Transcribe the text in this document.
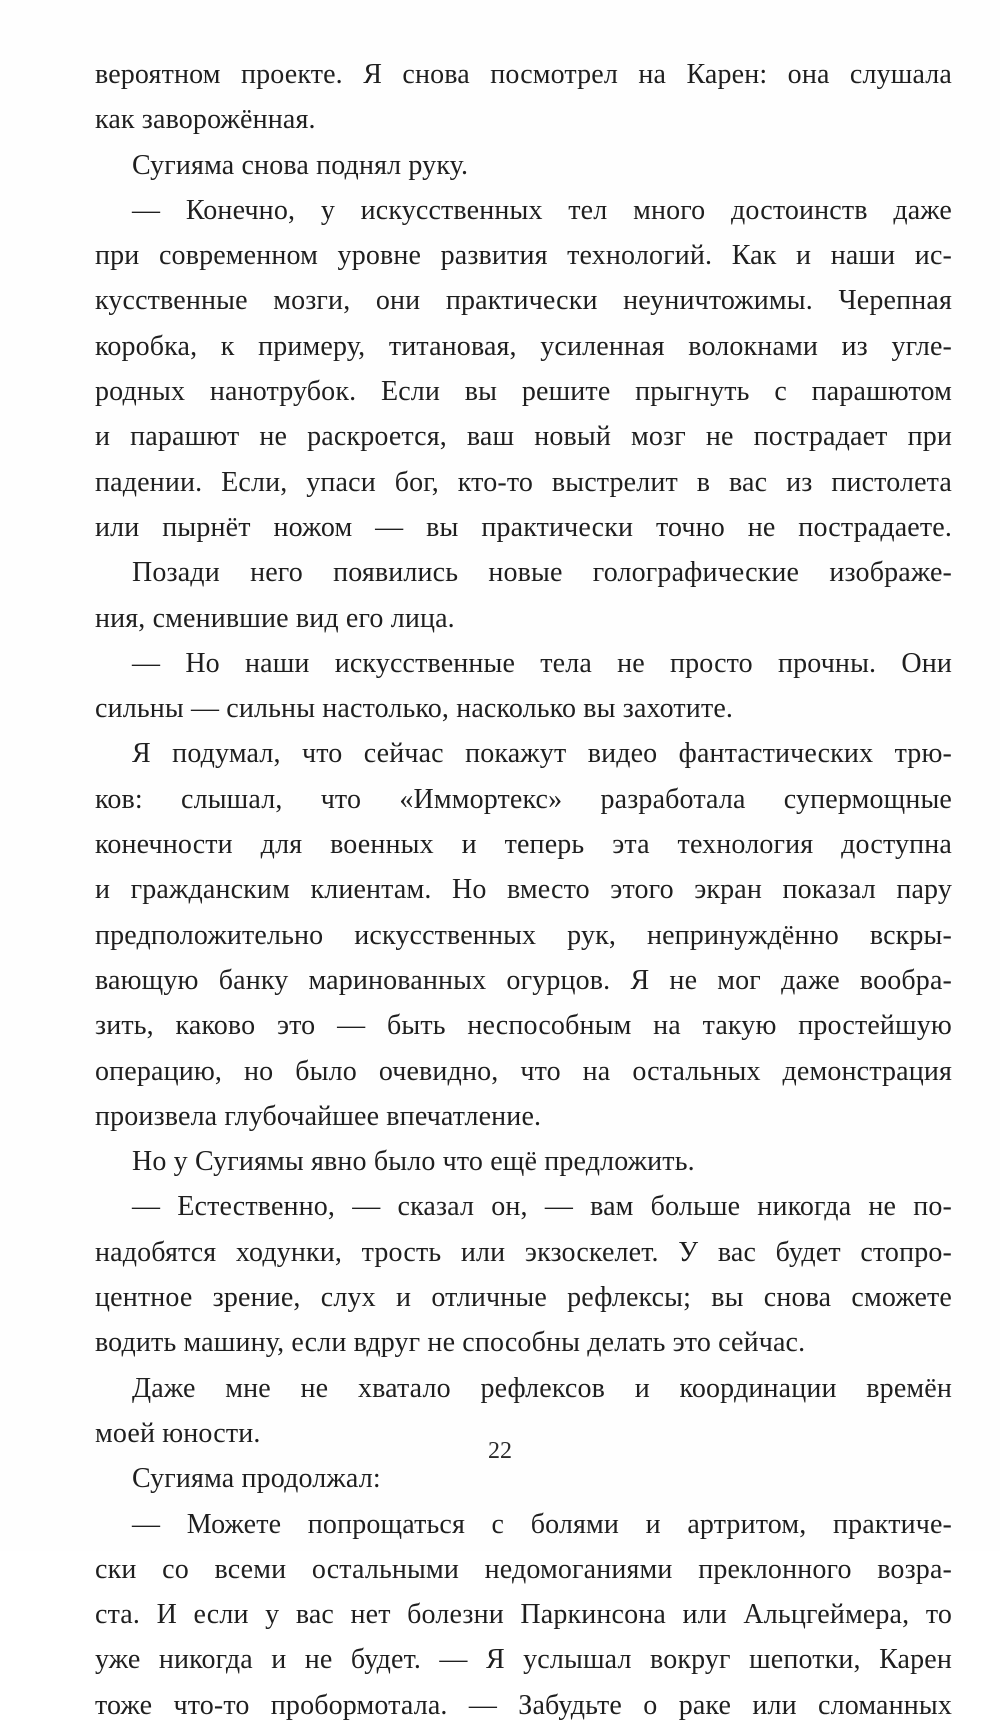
вероятном проекте. Я снова посмотрел на Карен: она слушала
как заворожённая.
Сугияма снова поднял руку.
— Конечно, у искусственных тел много достоинств даже
при современном уровне развития технологий. Как и наши ис-
кусственные мозги, они практически неуничтожимы. Черепная
коробка, к примеру, титановая, усиленная волокнами из угле-
родных нанотрубок. Если вы решите прыгнуть с парашютом
и парашют не раскроется, ваш новый мозг не пострадает при
падении. Если, упаси бог, кто-то выстрелит в вас из пистолета
или пырнёт ножом — вы практически точно не пострадаете.
Позади него появились новые голографические изображе-
ния, сменившие вид его лица.
— Но наши искусственные тела не просто прочны. Они
сильны — сильны настолько, насколько вы захотите.
Я подумал, что сейчас покажут видео фантастических трю-
ков: слышал, что «Иммортекс» разработала супермощные
конечности для военных и теперь эта технология доступна
и гражданским клиентам. Но вместо этого экран показал пару
предположительно искусственных рук, непринуждённо вскры-
вающую банку маринованных огурцов. Я не мог даже вообра-
зить, каково это — быть неспособным на такую простейшую
операцию, но было очевидно, что на остальных демонстрация
произвела глубочайшее впечатление.
Но у Сугиямы явно было что ещё предложить.
— Естественно, — сказал он, — вам больше никогда не по-
надобятся ходунки, трость или экзоскелет. У вас будет стопро-
центное зрение, слух и отличные рефлексы; вы снова сможете
водить машину, если вдруг не способны делать это сейчас.
Даже мне не хватало рефлексов и координации времён
моей юности.
Сугияма продолжал:
— Можете попрощаться с болями и артритом, практиче-
ски со всеми остальными недомоганиями преклонного возра-
ста. И если у вас нет болезни Паркинсона или Альцгеймера, то
уже никогда и не будет. — Я услышал вокруг шепотки, Карен
тоже что-то пробормотала. — Забудьте о раке или сломанных
22
